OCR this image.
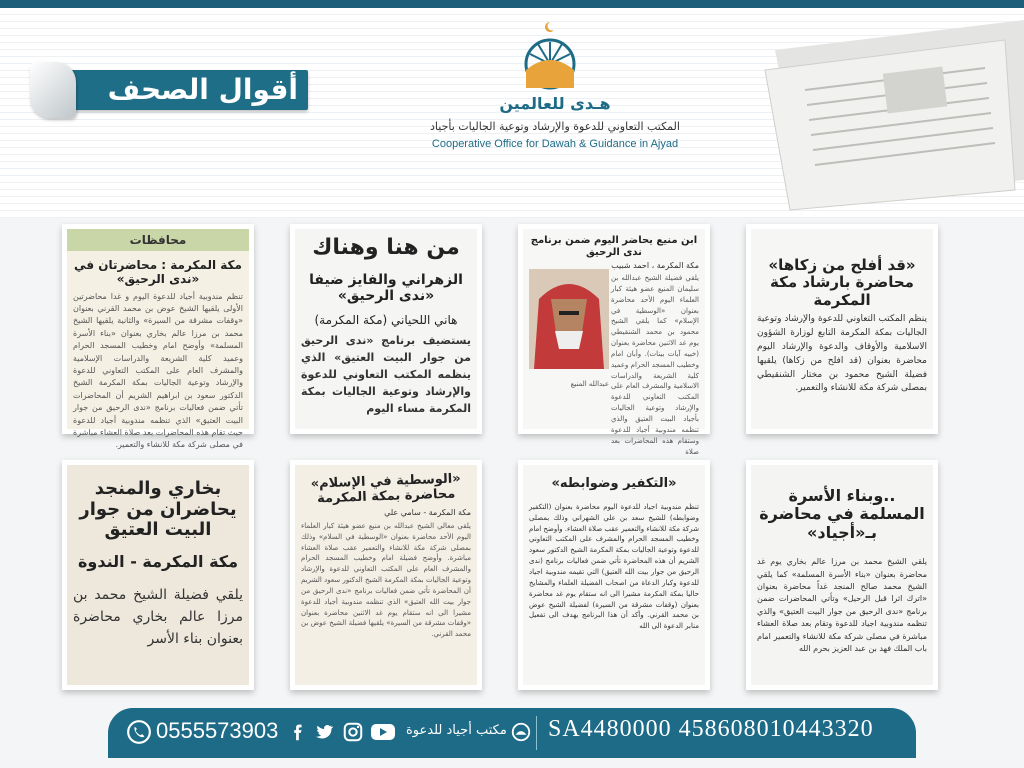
أقوال الصحف	هـدى للعالمين
المكتب التعاوني للدعوة والإرشاد وتوعية الجاليات بأجياد
Cooperative Office for Dawah & Guidance in Ajyad
محافظات
مكة المكرمة : محاضرتان في «ندى الرحيق»
تنظم مندوبية أجياد للدعوة اليوم و غدا محاضرتين الأولى يلقيها الشيخ عوض بن محمد القرني بعنوان «وقفات مشرقة من السيرة» والثانية يلقيها الشيخ محمد بن مرزا عالم بخاري بعنوان «بناء الأسرة المسلمة» وأوضح امام وخطيب المسجد الحرام وعميد كلية الشريعة والدراسات الإسلامية والمشرف العام على المكتب التعاوني للدعوة والإرشاد وتوعية الجاليات بمكة المكرمة الشيخ الدكتور سعود بن ابراهيم الشريم أن المحاضرات تأتي ضمن فعاليات برنامج «ندى الرحيق من جوار البيت العتيق» الذي تنظمه مندوبية أجياد للدعوة حيث تقام هذه المحاضرات بعد صلاة العشاء مباشرة في مصلى شركة مكة للانشاء والتعمير.
من هنا وهناك
الزهراني والفايز ضيفا «ندى الرحيق»
هاني اللحياني (مكة المكرمة)
يستضيف برنامج «ندى الرحيق من جوار البيت العتيق» الذي ينظمه المكتب التعاوني للدعوة والإرشاد وتوعية الجاليات بمكة المكرمة مساء اليوم
ابن منيع يحاضر اليوم ضمن برنامج ندى الرحيق
مكة المكرمة ، احمد شبيب
عبدالله المنيع
يلقي فضيلة الشيخ عبدالله بن سليمان المنيع عضو هيئة كبار العلماء اليوم الأحد محاضرة بعنوان «الوسطية في الإسلام» كما يلقي الشيخ محمود بن محمد الشنقيطي يوم غد الاثنين محاضرة بعنوان (خبيه آيات بينات). وأبان امام وخطيب المسجد الحرام وعميد كلية الشريعة والدراسات الاسلامية والمشرف العام على المكتب التعاوني للدعوة والإرشاد وتوعية الجاليات بأجياد البيت العتيق والذي تنظمه مندوبية أجياد للدعوة وستقام هذه المحاضرات بعد صلاة
«قد أفلح من زكاها» محاضرة بارشاد مكة المكرمة
ينظم المكتب التعاوني للدعوة والإرشاد وتوعية الجاليات بمكة المكرمة التابع لوزارة الشؤون الاسلامية والأوقاف والدعوة والإرشاد اليوم محاضرة بعنوان (قد افلح من زكاها) يلقيها فضيلة الشيخ محمود بن مختار الشنقيطي بمصلى شركة مكة للانشاء والتعمير.
بخاري والمنجد يحاضران من جوار البيت العتيق
مكة المكرمة - الندوة
يلقي فضيلة الشيخ محمد بن مرزا عالم بخاري محاضرة بعنوان بناء الأسر
«الوسطية في الإسلام» محاضرة بمكة المكرمة
مكة المكرمة - سامي علي
يلقي معالي الشيخ عبدالله بن منيع عضو هيئة كبار العلماء اليوم الأحد محاضرة بعنوان «الوسطية في السلام» وذلك بمصلى شركة مكة للانشاء والتعمير عقب صلاة العشاء مباشرة. وأوضح فضيلة امام وخطيب المسجد الحرام والمشرف العام على المكتب التعاوني للدعوة والإرشاد وتوعية الجاليات بمكة المكرمة الشيخ الدكتور سعود الشريم أن المحاضرة تأتي ضمن فعاليات برنامج «ندى الرحيق من جوار بيت الله العتيق» الذي تنظمه مندوبية أجياد للدعوة مشيرا الى انه ستقام يوم غد الاثنين محاضرة بعنوان «وقفات مشرقة من السيرة» يلقيها فضيلة الشيخ عوض بن محمد القرني.
«التكفير وضوابطه»
تنظم مندوبية اجياد للدعوة اليوم محاضرة بعنوان (التكفير وضوابطه) للشيخ سعد بن علي الشهراني وذلك بمصلى شركة مكة للانشاء والتعمير عقب صلاة العشاء. وأوضح امام وخطيب المسجد الحرام والمشرف على المكتب التعاوني للدعوة وتوعية الجاليات بمكة المكرمة الشيخ الدكتور سعود الشريم أن هذه المحاضرة تأتي ضمن فعاليات برنامج (ندى الرحيق من جوار بيت الله العتيق) التي تقيمه مندوبية اجياد للدعوة وكبار الدعاة من اصحاب الفضيلة العلماء والمشايخ حاليا بمكة المكرمة مشيرا الى انه ستقام يوم غد محاضرة بعنوان (وقفات مشرقة من السيرة) لفضيلة الشيخ عوض بن محمد القرني. وأكد أن هذا البرنامج يهدف الى تفعيل منابر الدعوة الى الله
..وبناء الأسرة المسلمة في محاضرة بـ«أجياد»
يلقي الشيخ محمد بن مرزا عالم بخاري يوم غد محاضرة بعنوان «بناء الأسرة المسلمة» كما يلقي الشيخ محمد صالح المنجد غداً محاضرة بعنوان «اترك اثرا قبل الرحيل» وتأتي المحاضرات ضمن برنامج «ندى الرحيق من جوار البيت العتيق» والذي تنظمه مندوبية اجياد للدعوة وتقام بعد صلاة العشاء مباشرة في مصلى شركة مكة للانشاء والتعمير امام باب الملك فهد بن عبد العزيز بحرم الله
0555573903	مكتب أجياد للدعوة SA4480000 458608010443320
